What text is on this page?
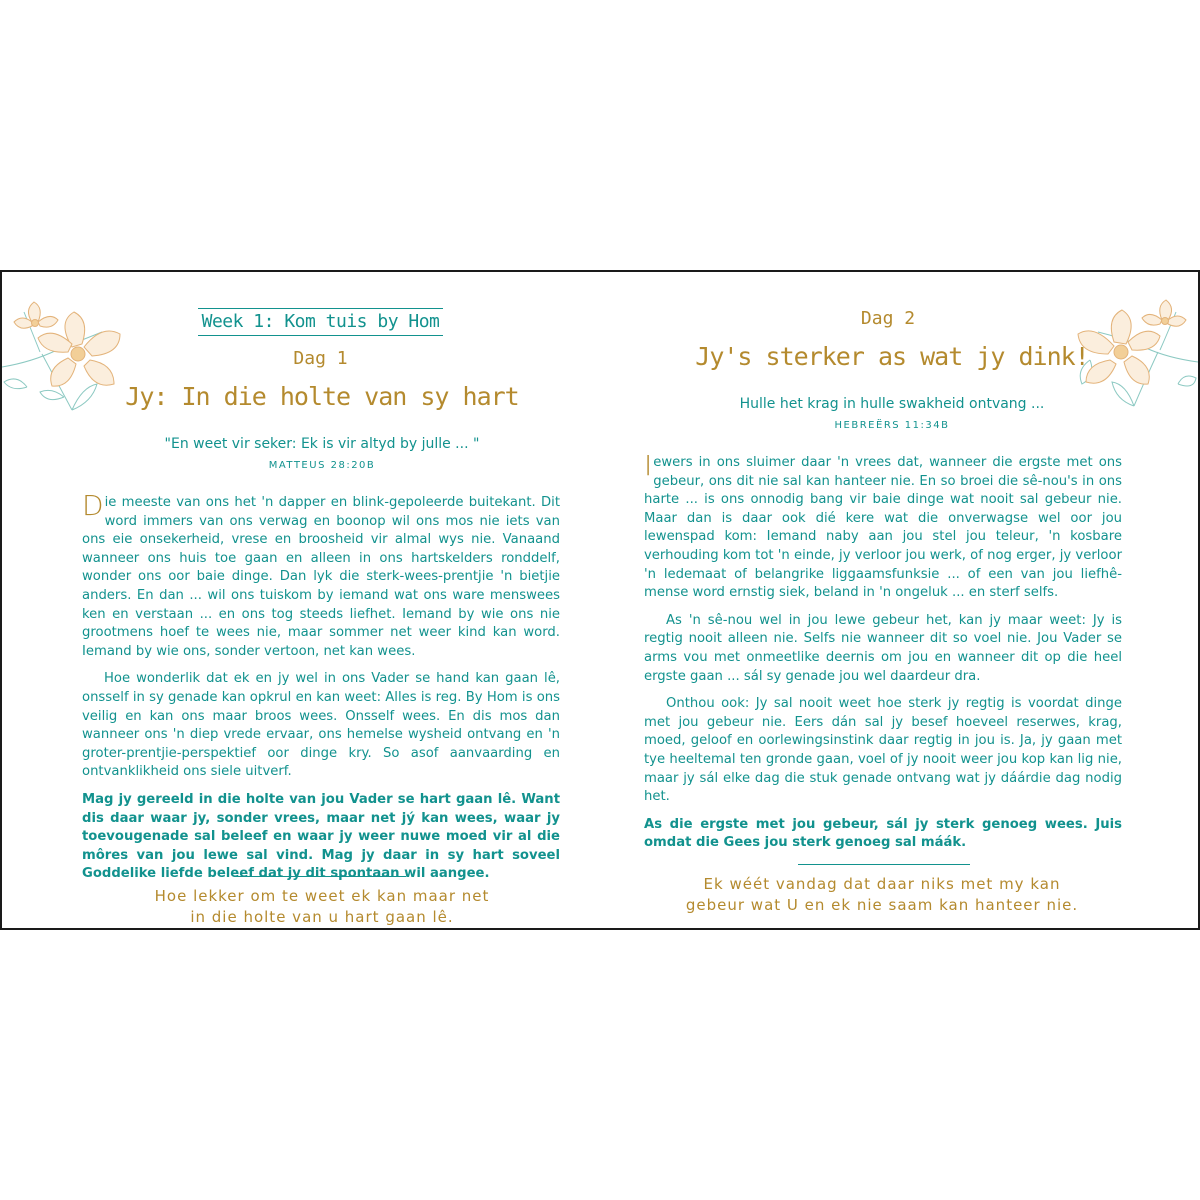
Week 1: Kom tuis by Hom
Dag 1
Jy: In die holte van sy hart
"En weet vir seker: Ek is vir altyd by julle ... "
MATTEUS 28:20B

Die meeste van ons het 'n dapper en blink-gepoleerde buitekant. Dit word immers van ons verwag en boonop wil ons mos nie iets van ons eie onsekerheid, vrese en broosheid vir almal wys nie. Vanaand wanneer ons huis toe gaan en alleen in ons hartskelders ronddelf, wonder ons oor baie dinge. Dan lyk die sterk-wees-prentjie 'n bietjie anders. En dan ... wil ons tuiskom by iemand wat ons ware menswees ken en verstaan ... en ons tog steeds liefhet. Iemand by wie ons nie grootmens hoef te wees nie, maar sommer net weer kind kan word. Iemand by wie ons, sonder vertoon, net kan wees.

Hoe wonderlik dat ek en jy wel in ons Vader se hand kan gaan lê, onsself in sy genade kan opkrul en kan weet: Alles is reg. By Hom is ons veilig en kan ons maar broos wees. Onsself wees. En dis mos dan wanneer ons 'n diep vrede ervaar, ons hemelse wysheid ontvang en 'n groter-prentjie-perspektief oor dinge kry. So asof aanvaarding en ontvanklikheid ons siele uitverf.

Mag jy gereeld in die holte van jou Vader se hart gaan lê. Want dis daar waar jy, sonder vrees, maar net jý kan wees, waar jy toevougenade sal beleef en waar jy weer nuwe moed vir al die môres van jou lewe sal vind. Mag jy daar in sy hart soveel Goddelike liefde beleef dat jy dit spontaan wil aangee.

Hoe lekker om te weet ek kan maar net
in die holte van u hart gaan lê.
Dag 2
Jy's sterker as wat jy dink!
Hulle het krag in hulle swakheid ontvang ...
HEBREËRS 11:34B

Iewers in ons sluimer daar 'n vrees dat, wanneer die ergste met ons gebeur, ons dit nie sal kan hanteer nie. En so broei die sê-nou's in ons harte ... is ons onnodig bang vir baie dinge wat nooit sal gebeur nie. Maar dan is daar ook dié kere wat die onverwagse wel oor jou lewenspad kom: Iemand naby aan jou stel jou teleur, 'n kosbare verhouding kom tot 'n einde, jy verloor jou werk, of nog erger, jy verloor 'n ledemaat of belangrike liggaamsfunksie ... of een van jou liefhê-mense word ernstig siek, beland in 'n ongeluk ... en sterf selfs.

As 'n sê-nou wel in jou lewe gebeur het, kan jy maar weet: Jy is regtig nooit alleen nie. Selfs nie wanneer dit so voel nie. Jou Vader se arms vou met onmeetlike deernis om jou en wanneer dit op die heel ergste gaan ... sál sy genade jou wel daardeur dra.

Onthou ook: Jy sal nooit weet hoe sterk jy regtig is voordat dinge met jou gebeur nie. Eers dán sal jy besef hoeveel reserwes, krag, moed, geloof en oorlewingsinstink daar regtig in jou is. Ja, jy gaan met tye heeltemal ten gronde gaan, voel of jy nooit weer jou kop kan lig nie, maar jy sál elke dag die stuk genade ontvang wat jy dáárdie dag nodig het.

As die ergste met jou gebeur, sál jy sterk genoeg wees. Juis omdat die Gees jou sterk genoeg sal máák.

Ek wéét vandag dat daar niks met my kan
gebeur wat U en ek nie saam kan hanteer nie.
